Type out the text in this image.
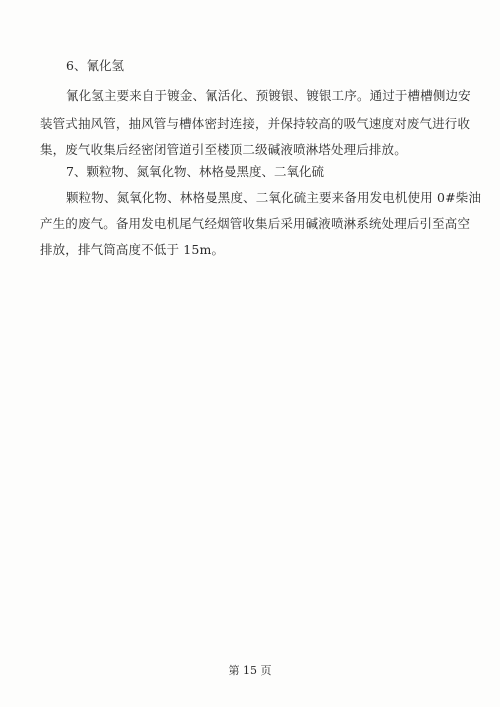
6、氰化氢
氰化氢主要来自于镀金、氰活化、预镀银、镀银工序。通过于槽槽侧边安
装管式抽风管，抽风管与槽体密封连接，并保持较高的吸气速度对废气进行收
集，废气收集后经密闭管道引至楼顶二级碱液喷淋塔处理后排放。
7、颗粒物、氮氧化物、林格曼黑度、二氧化硫
颗粒物、氮氧化物、林格曼黑度、二氧化硫主要来备用发电机使用 0#柴油
产生的废气。备用发电机尾气经烟管收集后采用碱液喷淋系统处理后引至高空
排放，排气筒高度不低于 15m。
第 15 页
